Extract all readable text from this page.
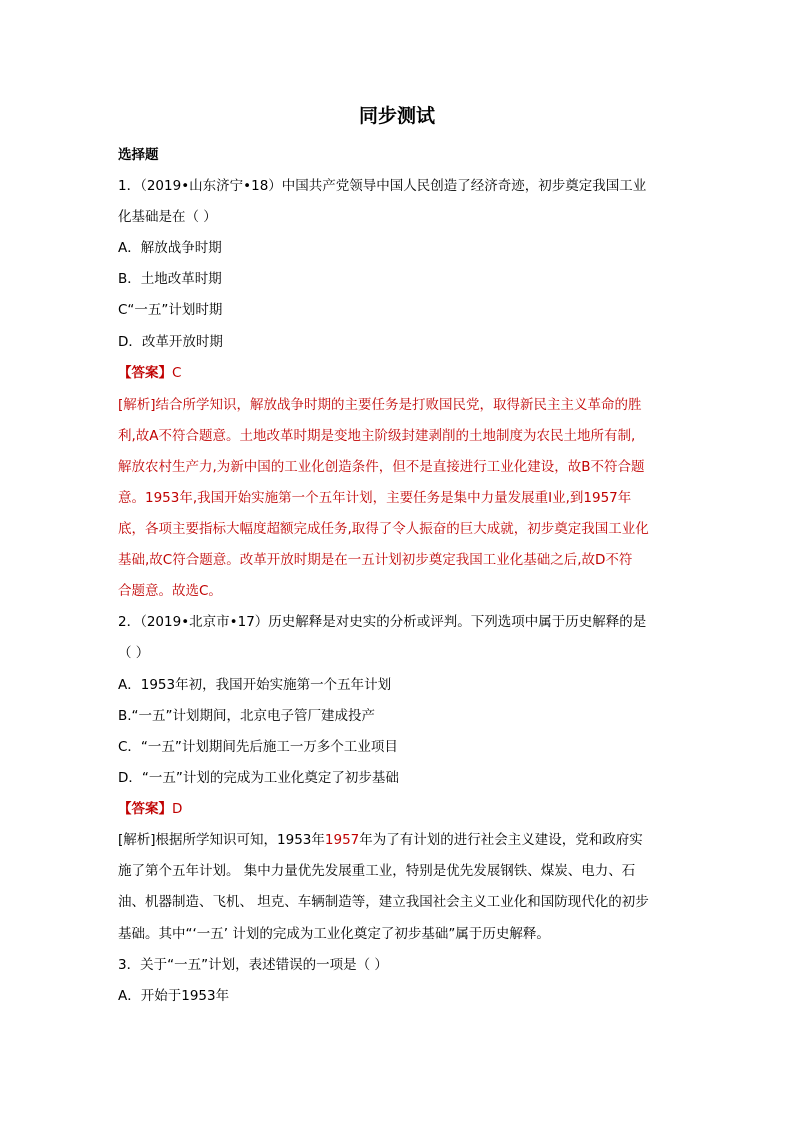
同步测试
选择题
1．（2019•山东济宁•18）中国共产党领导中国人民创造了经济奇迹，初步奠定我国工业
化基础是在（ ）
A．解放战争时期
B．土地改革时期
C“一五”计划时期
D．改革开放时期
【答案】C
[解析]结合所学知识，解放战争时期的主要任务是打败国民党，取得新民主主义革命的胜
利,故A不符合题意。土地改革时期是变地主阶级封建剥削的土地制度为农民土地所有制,
解放农村生产力,为新中国的工业化创造条件，但不是直接进行工业化建设，故B不符合题
意。1953年,我国开始实施第一个五年计划，主要任务是集中力量发展重Ⅰ业,到1957年
底，各项主要指标大幅度超额完成任务,取得了令人振奋的巨大成就，初步奠定我国工业化
基础,故C符合题意。改革开放时期是在一五计划初步奠定我国工业化基础之后,故D不符
合题意。故选C。
2．（2019•北京市•17）历史解释是对史实的分析或评判。下列选项中属于历史解释的是
（ ）
A．1953年初，我国开始实施第一个五年计划
B.“一五”计划期间，北京电子管厂建成投产
C．“一五”计划期间先后施工一万多个工业项目
D．“一五”计划的完成为工业化奠定了初步基础
【答案】D
[解析]根据所学知识可知，1953年1957年为了有计划的进行社会主义建设，党和政府实
施了第个五年计划。 集中力量优先发展重工业，特别是优先发展钢铁、煤炭、电力、石
油、机器制造、飞机、 坦克、车辆制造等，建立我国社会主义工业化和国防现代化的初步
基础。其中“‘一五’ 计划的完成为工业化奠定了初步基础”属于历史解释。
3．关于“一五”计划，表述错误的一项是（ ）
A．开始于1953年
